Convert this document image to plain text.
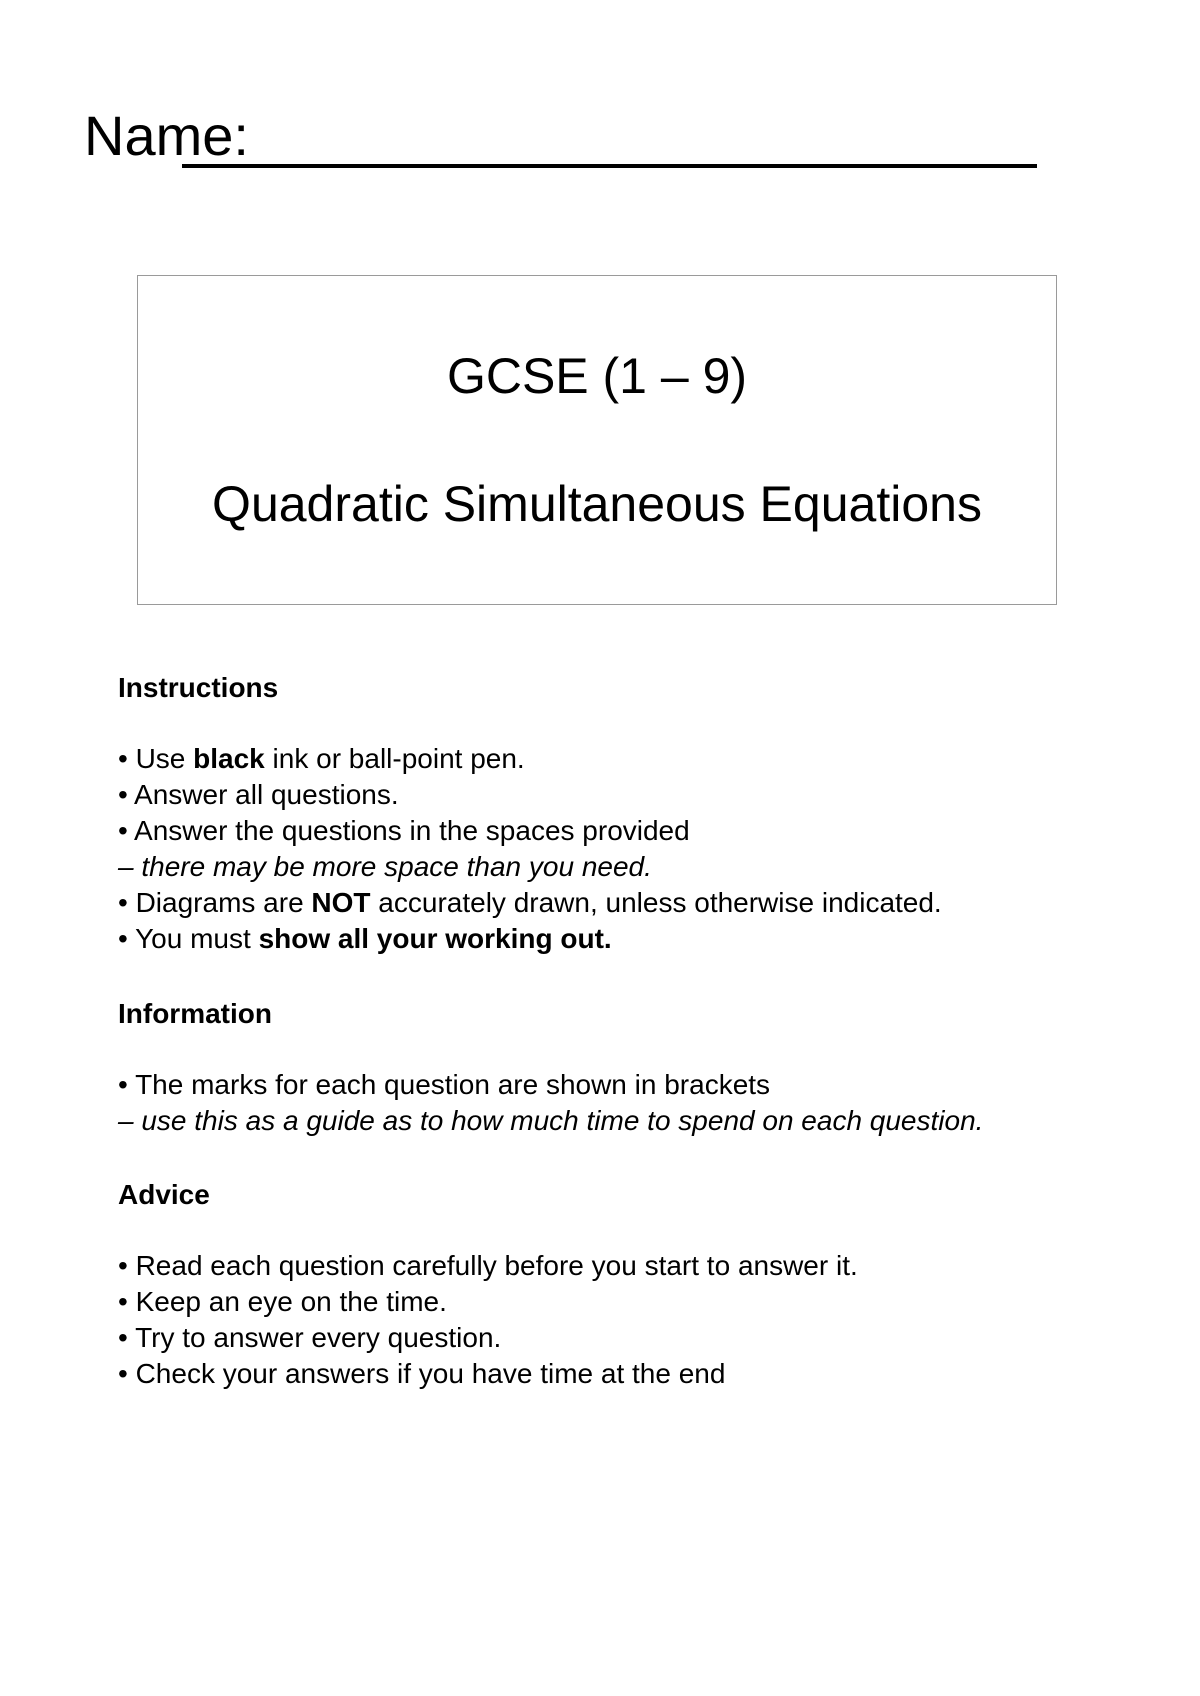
Name:
GCSE (1 – 9)
Quadratic Simultaneous Equations

Instructions

• Use black ink or ball-point pen.

• Answer all questions.

• Answer the questions in the spaces provided

– there may be more space than you need.

• Diagrams are NOT accurately drawn, unless otherwise indicated.

• You must show all your working out.

Information

• The marks for each question are shown in brackets

– use this as a guide as to how much time to spend on each question.

Advice

• Read each question carefully before you start to answer it.

• Keep an eye on the time.

• Try to answer every question.

• Check your answers if you have time at the end
